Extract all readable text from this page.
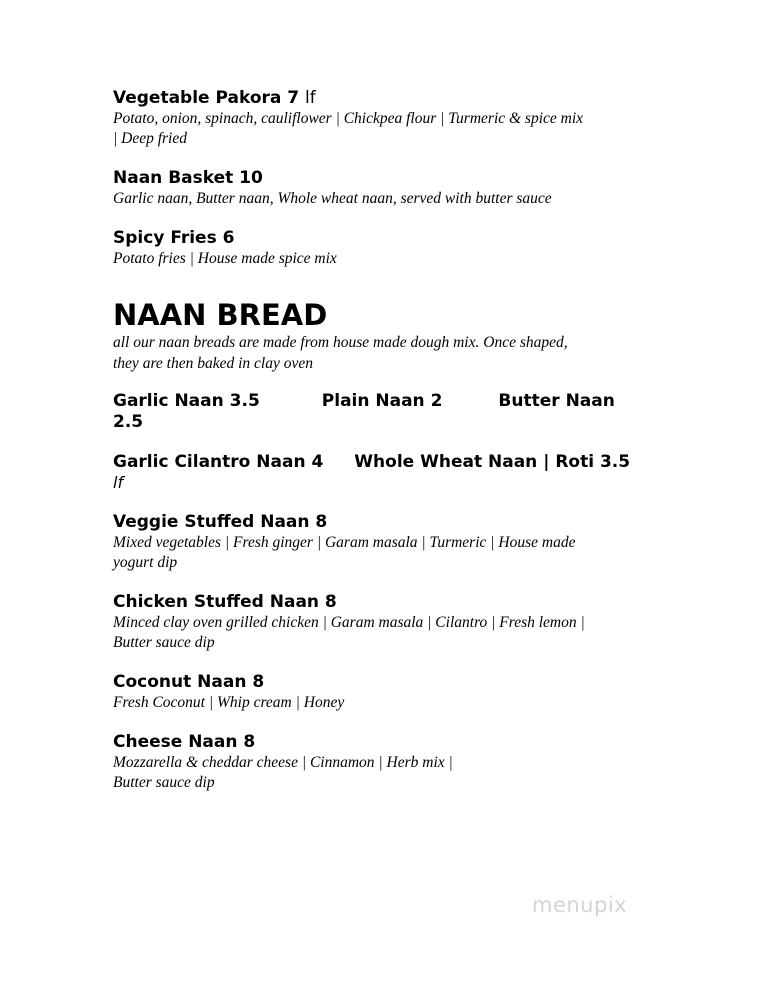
Vegetable Pakora 7 lf

Potato, onion, spinach, cauliflower | Chickpea flour | Turmeric & spice mix

| Deep fried

Naan Basket 10

Garlic naan, Butter naan, Whole wheat naan, served with butter sauce

Spicy Fries 6

Potato fries | House made spice mix

NAAN BREAD
all our naan breads are made from house made dough mix. Once shaped,
they are then baked in clay oven

Garlic Naan 3.5	Plain Naan 2	Butter Naan

2.5

Garlic Cilantro Naan 4 Whole Wheat Naan | Roti 3.5

lf

Veggie Stuffed Naan 8

Mixed vegetables | Fresh ginger | Garam masala | Turmeric | House made

yogurt dip

Chicken Stuffed Naan 8

Minced clay oven grilled chicken | Garam masala | Cilantro | Fresh lemon |

Butter sauce dip

Coconut Naan 8

Fresh Coconut | Whip cream | Honey

Cheese Naan 8

Mozzarella & cheddar cheese | Cinnamon | Herb mix |

Butter sauce dip

menupix
